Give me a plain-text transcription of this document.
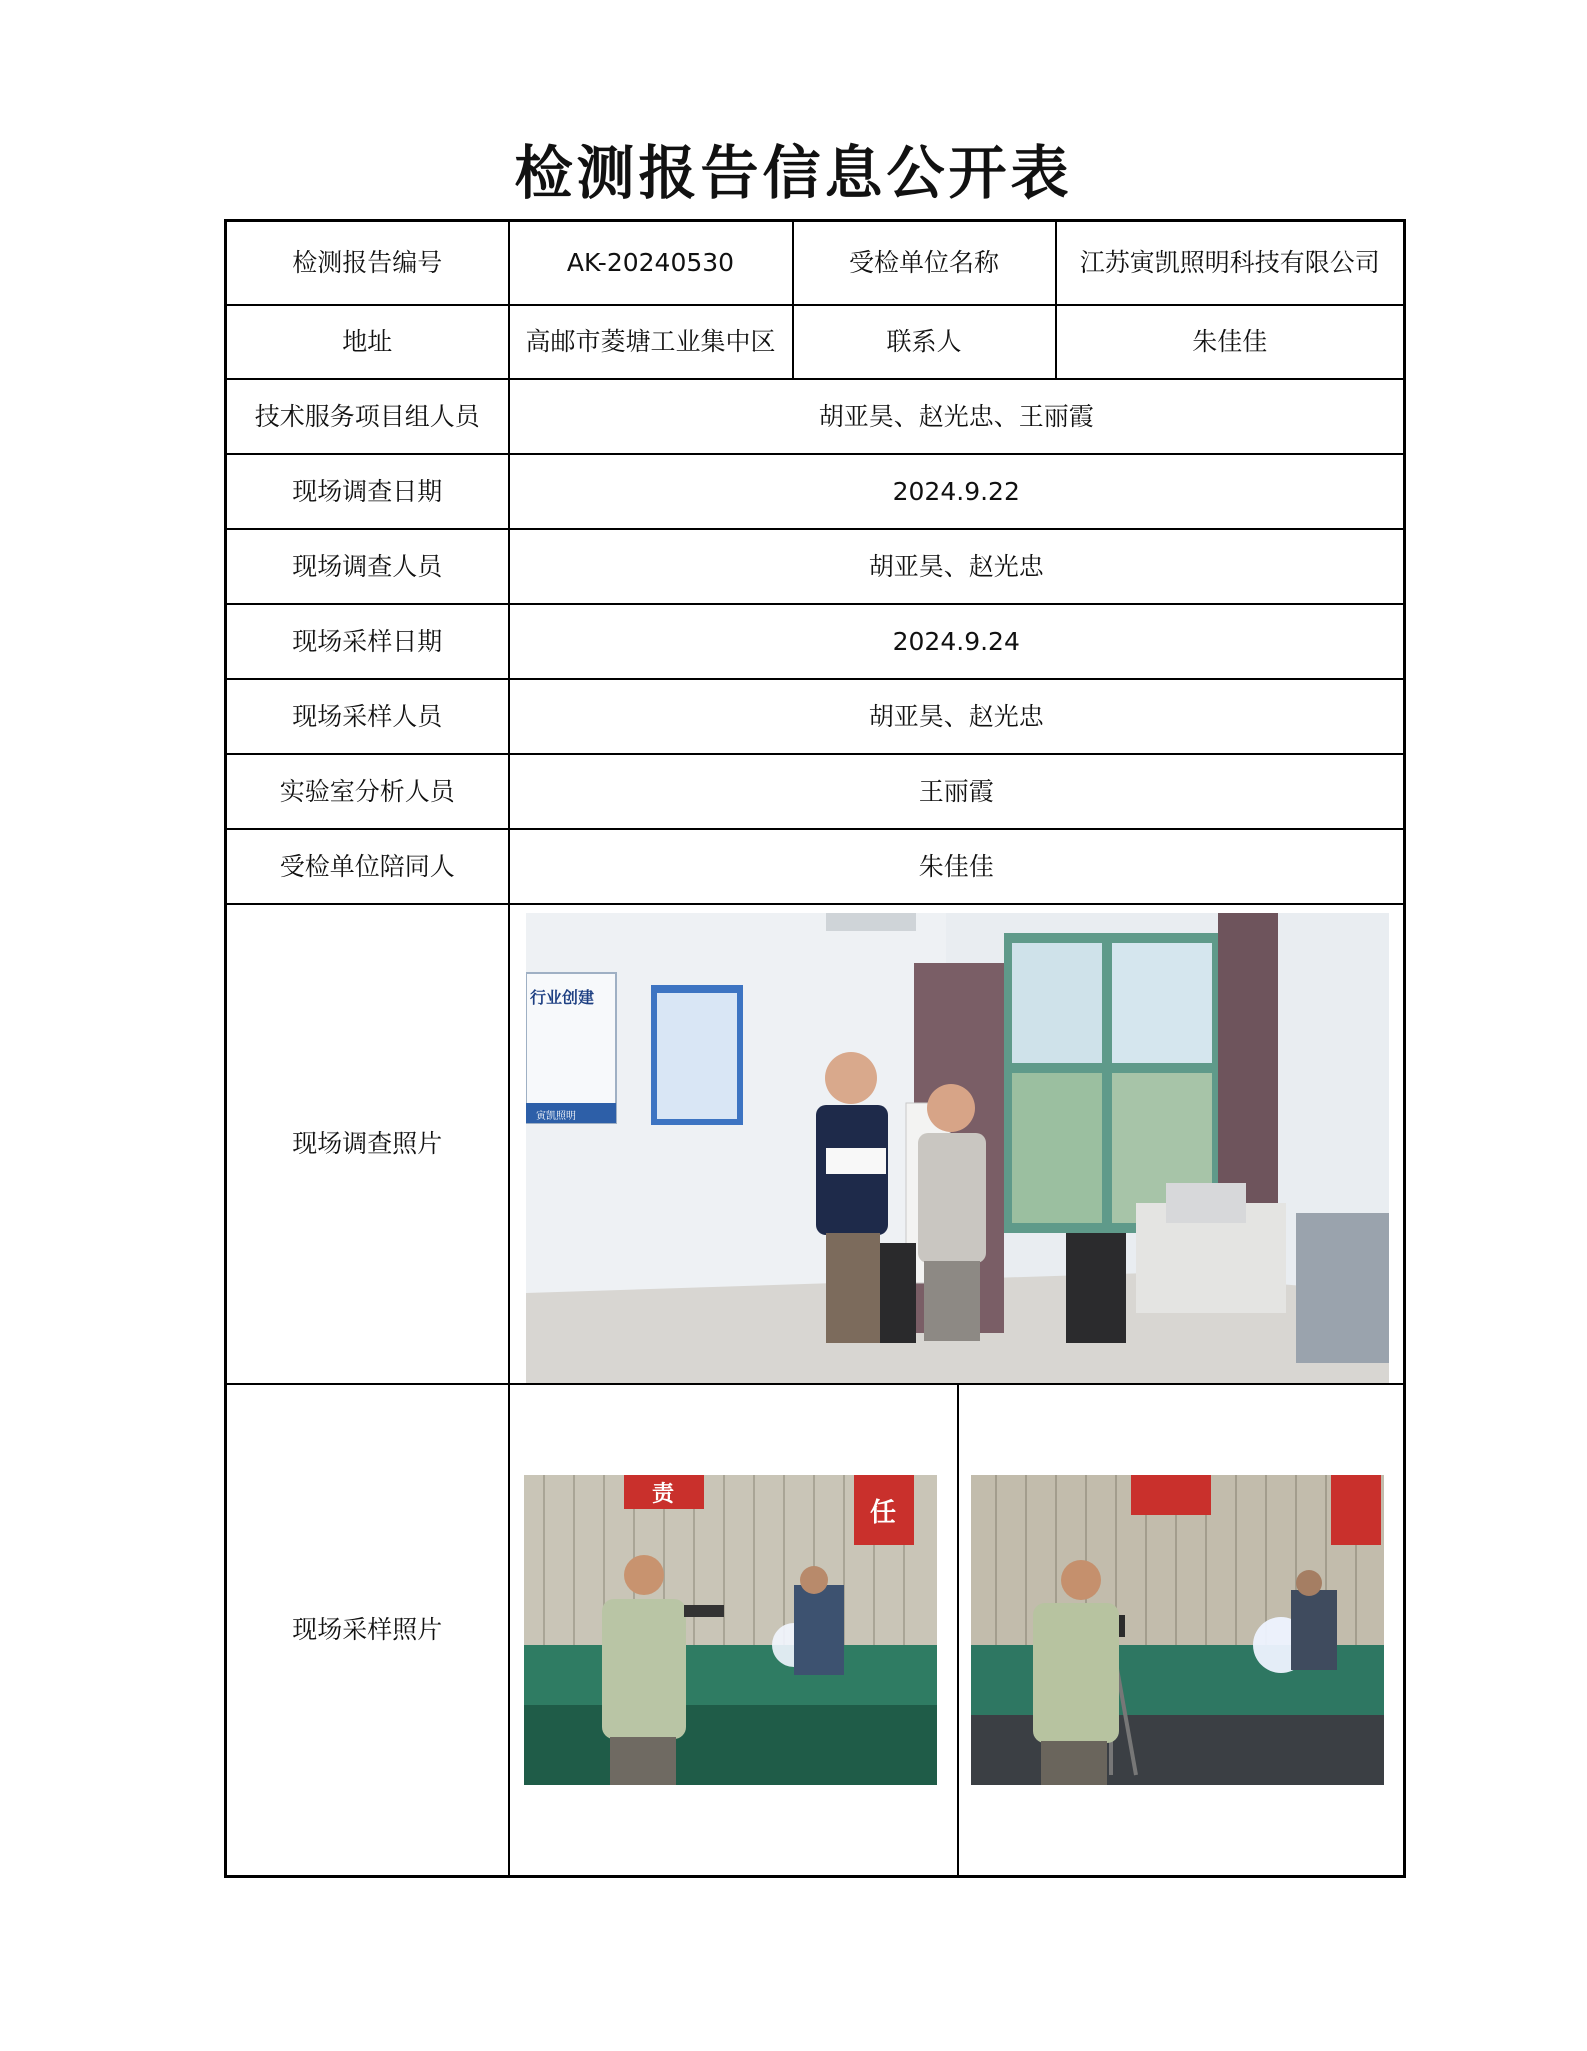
检测报告信息公开表
检测报告编号	AK-20240530	受检单位名称	江苏寅凯照明科技有限公司
地址	高邮市菱塘工业集中区	联系人	朱佳佳
技术服务项目组人员	胡亚昊、赵光忠、王丽霞		
现场调查日期	2024.9.22		
现场调查人员	胡亚昊、赵光忠		
现场采样日期	2024.9.24		
现场采样人员	胡亚昊、赵光忠		
实验室分析人员	王丽霞		
受检单位陪同人	朱佳佳		
现场调查照片	行业创建
寅凯照明		

现场采样照片	责
任		
